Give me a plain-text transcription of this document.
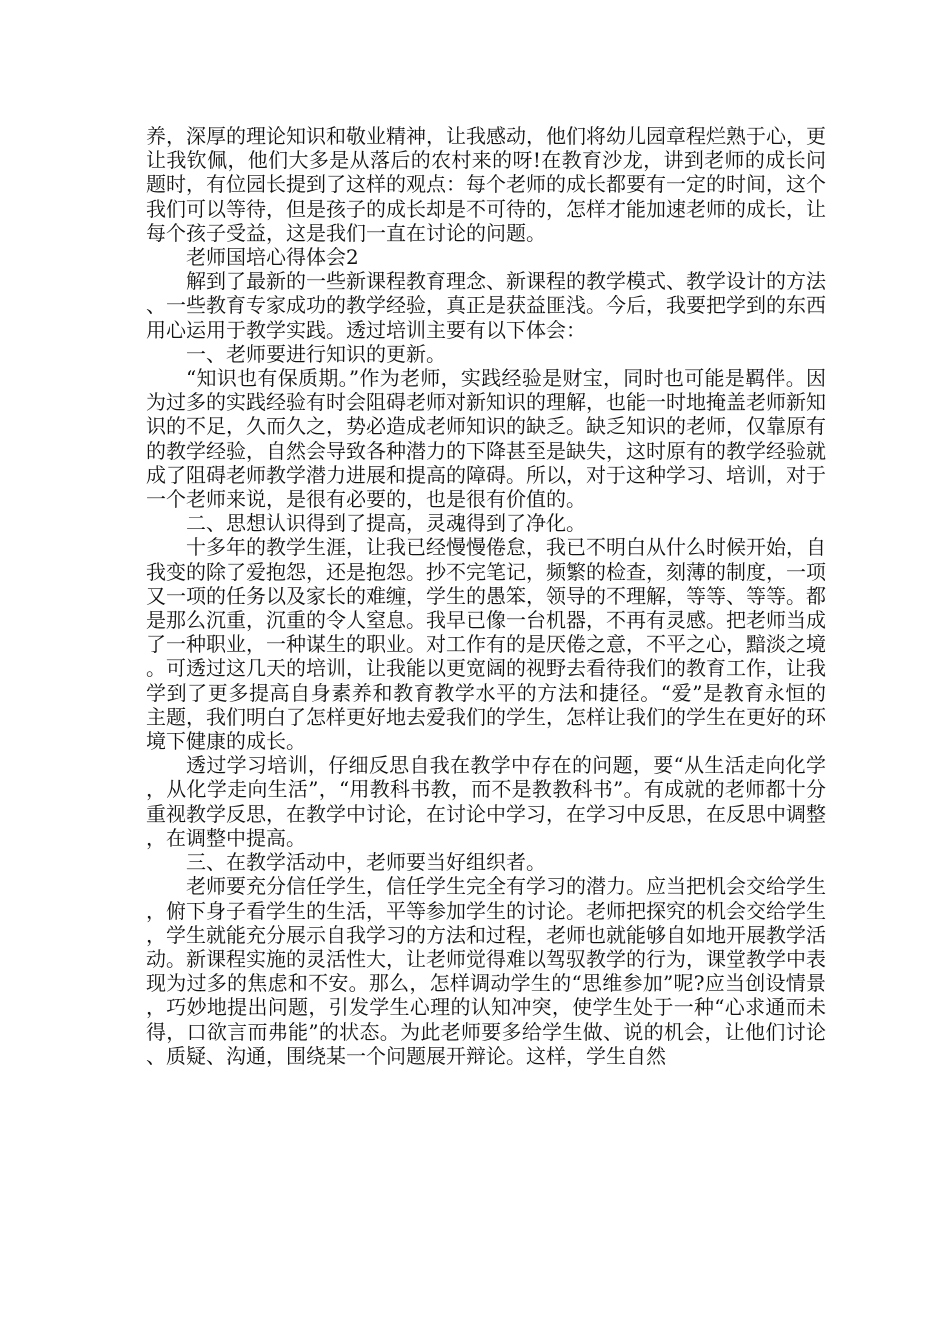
养，深厚的理论知识和敬业精神，让我感动，他们将幼儿园章程烂熟于心，更让我钦佩，他们大多是从落后的农村来的呀!在教育沙龙，讲到老师的成长问题时，有位园长提到了这样的观点：每个老师的成长都要有一定的时间，这个我们可以等待，但是孩子的成长却是不可待的，怎样才能加速老师的成长，让每个孩子受益，这是我们一直在讨论的问题。

老师国培心得体会2

解到了最新的一些新课程教育理念、新课程的教学模式、教学设计的方法、一些教育专家成功的教学经验，真正是获益匪浅。今后，我要把学到的东西用心运用于教学实践。透过培训主要有以下体会：

一、老师要进行知识的更新。

“知识也有保质期。”作为老师，实践经验是财宝，同时也可能是羁伴。因为过多的实践经验有时会阻碍老师对新知识的理解，也能一时地掩盖老师新知识的不足，久而久之，势必造成老师知识的缺乏。缺乏知识的老师，仅靠原有的教学经验，自然会导致各种潜力的下降甚至是缺失，这时原有的教学经验就成了阻碍老师教学潜力进展和提高的障碍。所以，对于这种学习、培训，对于一个老师来说，是很有必要的，也是很有价值的。

二、思想认识得到了提高，灵魂得到了净化。

十多年的教学生涯，让我已经慢慢倦怠，我已不明白从什么时候开始，自我变的除了爱抱怨，还是抱怨。抄不完笔记，频繁的检查，刻薄的制度，一项又一项的任务以及家长的难缠，学生的愚笨，领导的不理解，等等、等等。都是那么沉重，沉重的令人窒息。我早已像一台机器，不再有灵感。把老师当成了一种职业，一种谋生的职业。对工作有的是厌倦之意，不平之心，黯淡之境。可透过这几天的培训，让我能以更宽阔的视野去看待我们的教育工作，让我学到了更多提高自身素养和教育教学水平的方法和捷径。“爱”是教育永恒的主题，我们明白了怎样更好地去爱我们的学生，怎样让我们的学生在更好的环境下健康的成长。

透过学习培训，仔细反思自我在教学中存在的问题，要“从生活走向化学，从化学走向生活”，“用教科书教，而不是教教科书”。有成就的老师都十分重视教学反思，在教学中讨论，在讨论中学习，在学习中反思，在反思中调整，在调整中提高。

三、在教学活动中，老师要当好组织者。

老师要充分信任学生，信任学生完全有学习的潜力。应当把机会交给学生，俯下身子看学生的生活，平等参加学生的讨论。老师把探究的机会交给学生，学生就能充分展示自我学习的方法和过程，老师也就能够自如地开展教学活动。新课程实施的灵活性大，让老师觉得难以驾驭教学的行为，课堂教学中表现为过多的焦虑和不安。那么，怎样调动学生的“思维参加”呢?应当创设情景，巧妙地提出问题，引发学生心理的认知冲突，使学生处于一种“心求通而未得，口欲言而弗能”的状态。为此老师要多给学生做、说的机会，让他们讨论、质疑、沟通，围绕某一个问题展开辩论。这样，学生自然
